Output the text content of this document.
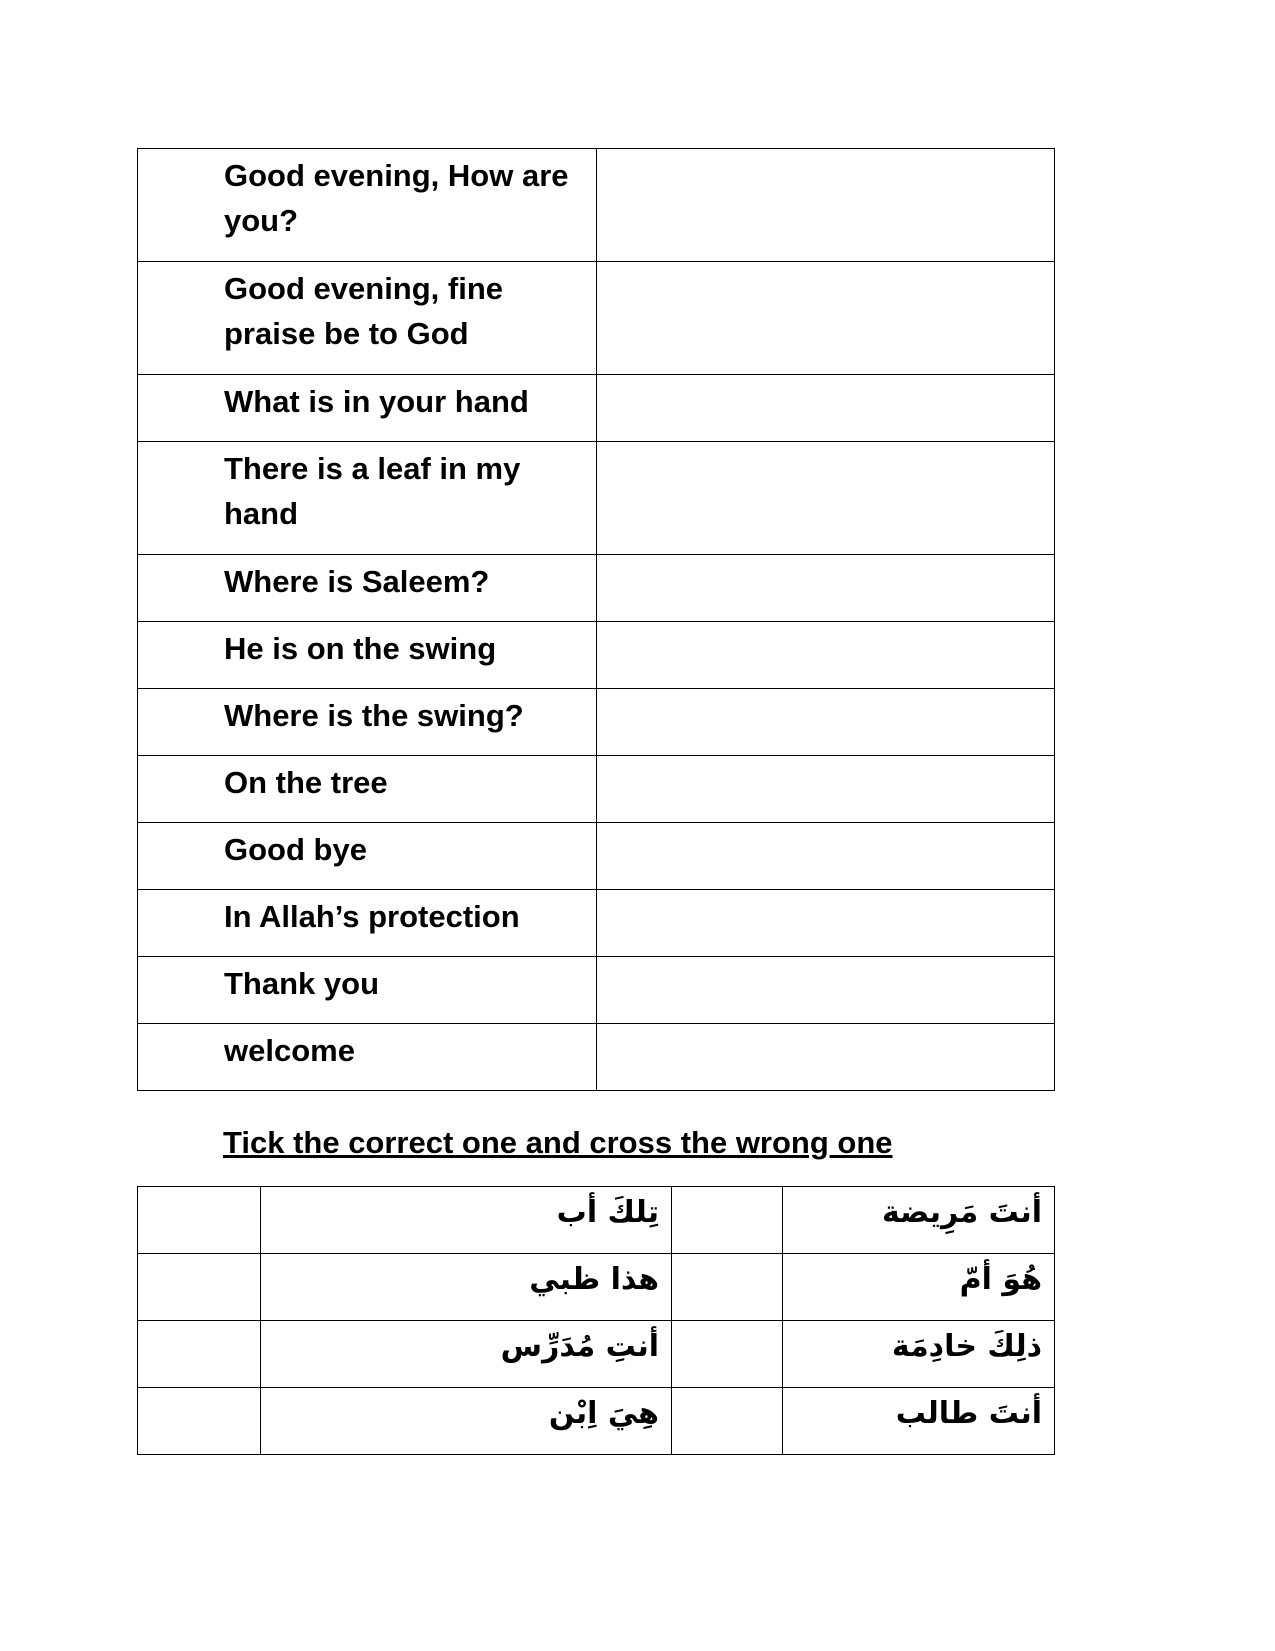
Good evening, How are you?	

Good evening, fine praise be to God	

What is in your hand	

There is a leaf in my hand	

Where is Saleem?	

He is on the swing	

Where is the swing?	

On the tree	

Good bye	

In Allah’s protection	

Thank you	

welcome	

Tick the correct one and cross the wrong one

	تِلكَ أب		أنتَ مَرِيضة

	هذا ظبي		هُوَ أمّ

	أنتِ مُدَرِّس		ذلِكَ خادِمَة

	هِيَ اِبْن		أنتَ طالب
